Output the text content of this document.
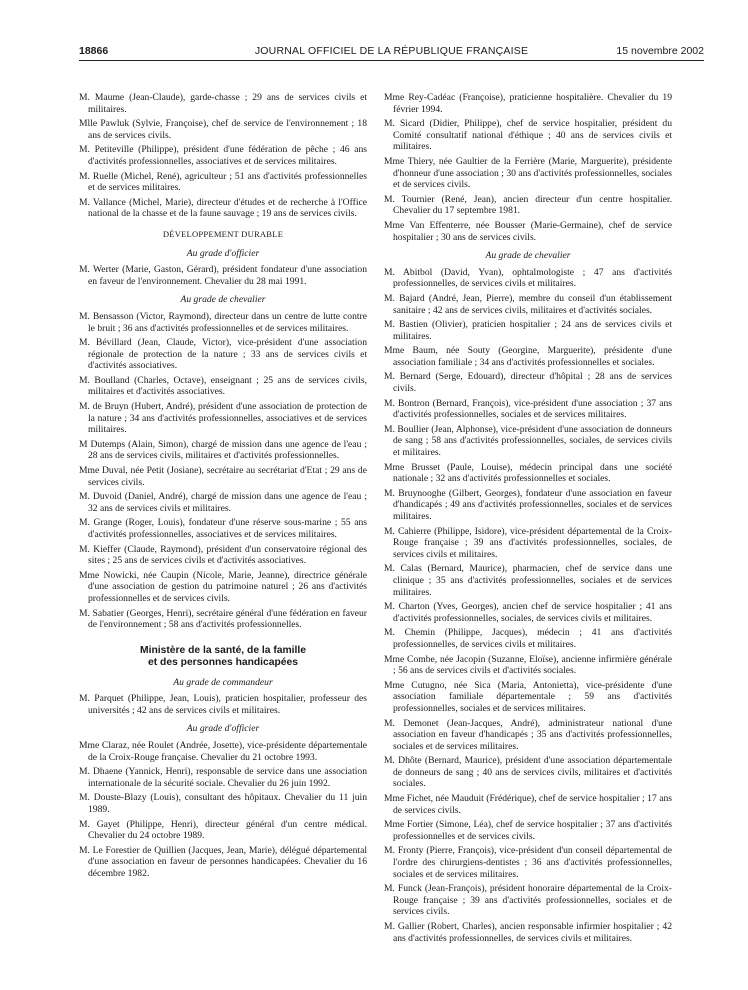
18866	JOURNAL OFFICIEL DE LA RÉPUBLIQUE FRANÇAISE	15 novembre 2002

M. Maume (Jean-Claude), garde-chasse ; 29 ans de services civils et militaires.

Mlle Pawluk (Sylvie, Françoise), chef de service de l'environnement ; 18 ans de services civils.

M. Petiteville (Philippe), président d'une fédération de pêche ; 46 ans d'activités professionnelles, associatives et de services militaires.

M. Ruelle (Michel, René), agriculteur ; 51 ans d'activités professionnelles et de services militaires.

M. Vallance (Michel, Marie), directeur d'études et de recherche à l'Office national de la chasse et de la faune sauvage ; 19 ans de services civils.

DÉVELOPPEMENT DURABLE
Au grade d'officier

M. Werter (Marie, Gaston, Gérard), président fondateur d'une association en faveur de l'environnement. Chevalier du 28 mai 1991.

Au grade de chevalier

M. Bensasson (Victor, Raymond), directeur dans un centre de lutte contre le bruit ; 36 ans d'activités professionnelles et de services militaires.

M. Bévillard (Jean, Claude, Victor), vice-président d'une association régionale de protection de la nature ; 33 ans de services civils et d'activités associatives.

M. Boulland (Charles, Octave), enseignant ; 25 ans de services civils, militaires et d'activités associatives.

M. de Bruyn (Hubert, André), président d'une association de protection de la nature ; 34 ans d'activités professionnelles, associatives et de services militaires.

M Dutemps (Alain, Simon), chargé de mission dans une agence de l'eau ; 28 ans de services civils, militaires et d'activités professionnelles.

Mme Duval, née Petit (Josiane), secrétaire au secrétariat d'Etat ; 29 ans de services civils.

M. Duvoid (Daniel, André), chargé de mission dans une agence de l'eau ; 32 ans de services civils et militaires.

M. Grange (Roger, Louis), fondateur d'une réserve sous-marine ; 55 ans d'activités professionnelles, associatives et de services militaires.

M. Kieffer (Claude, Raymond), président d'un conservatoire régional des sites ; 25 ans de services civils et d'activités associatives.

Mme Nowicki, née Caupin (Nicole, Marie, Jeanne), directrice générale d'une association de gestion du patrimoine naturel ; 26 ans d'activités professionnelles et de services civils.

M. Sabatier (Georges, Henri), secrétaire général d'une fédération en faveur de l'environnement ; 58 ans d'activités professionnelles.

Ministère de la santé, de la famille
et des personnes handicapées
Au grade de commandeur

M. Parquet (Philippe, Jean, Louis), praticien hospitalier, professeur des universités ; 42 ans de services civils et militaires.

Au grade d'officier

Mme Claraz, née Roulet (Andrée, Josette), vice-présidente départementale de la Croix-Rouge française. Chevalier du 21 octobre 1993.

M. Dhaene (Yannick, Henri), responsable de service dans une association internationale de la sécurité sociale. Chevalier du 26 juin 1992.

M. Douste-Blazy (Louis), consultant des hôpitaux. Chevalier du 11 juin 1989.

M. Gayet (Philippe, Henri), directeur général d'un centre médical. Chevalier du 24 octobre 1989.

M. Le Forestier de Quillien (Jacques, Jean, Marie), délégué départemental d'une association en faveur de personnes handicapées. Chevalier du 16 décembre 1982.

Mme Rey-Cadéac (Françoise), praticienne hospitalière. Chevalier du 19 février 1994.

M. Sicard (Didier, Philippe), chef de service hospitalier, président du Comité consultatif national d'éthique ; 40 ans de services civils et militaires.

Mme Thiery, née Gaultier de la Ferrière (Marie, Marguerite), présidente d'honneur d'une association ; 30 ans d'activités professionnelles, sociales et de services civils.

M. Tournier (René, Jean), ancien directeur d'un centre hospitalier. Chevalier du 17 septembre 1981.

Mme Van Effenterre, née Bousser (Marie-Germaine), chef de service hospitalier ; 30 ans de services civils.

Au grade de chevalier

M. Abitbol (David, Yvan), ophtalmologiste ; 47 ans d'activités professionnelles, de services civils et militaires.

M. Bajard (André, Jean, Pierre), membre du conseil d'un établissement sanitaire ; 42 ans de services civils, militaires et d'activités sociales.

M. Bastien (Olivier), praticien hospitalier ; 24 ans de services civils et militaires.

Mme Baum, née Souty (Georgine, Marguerite), présidente d'une association familiale ; 34 ans d'activités professionnelles et sociales.

M. Bernard (Serge, Edouard), directeur d'hôpital ; 28 ans de services civils.

M. Bontron (Bernard, François), vice-président d'une association ; 37 ans d'activités professionnelles, sociales et de services militaires.

M. Boullier (Jean, Alphonse), vice-président d'une association de donneurs de sang ; 58 ans d'activités professionnelles, sociales, de services civils et militaires.

Mme Brusset (Paule, Louise), médecin principal dans une société nationale ; 32 ans d'activités professionnelles et sociales.

M. Bruynooghe (Gilbert, Georges), fondateur d'une association en faveur d'handicapés ; 49 ans d'activités professionnelles, sociales et de services militaires.

M. Cahierre (Philippe, Isidore), vice-président départemental de la Croix-Rouge française ; 39 ans d'activités professionnelles, sociales, de services civils et militaires.

M. Calas (Bernard, Maurice), pharmacien, chef de service dans une clinique ; 35 ans d'activités professionnelles, sociales et de services militaires.

M. Charton (Yves, Georges), ancien chef de service hospitalier ; 41 ans d'activités professionnelles, sociales, de services civils et militaires.

M. Chemin (Philippe, Jacques), médecin ; 41 ans d'activités professionnelles, de services civils et militaires.

Mme Combe, née Jacopin (Suzanne, Eloïse), ancienne infirmière générale ; 56 ans de services civils et d'activités sociales.

Mme Cutugno, née Sica (Maria, Antonietta), vice-présidente d'une association familiale départementale ; 59 ans d'activités professionnelles, sociales et de services militaires.

M. Demonet (Jean-Jacques, André), administrateur national d'une association en faveur d'handicapés ; 35 ans d'activités professionnelles, sociales et de services militaires.

M. Dhôte (Bernard, Maurice), président d'une association départementale de donneurs de sang ; 40 ans de services civils, militaires et d'activités sociales.

Mme Fichet, née Mauduit (Frédérique), chef de service hospitalier ; 17 ans de services civils.

Mme Fortier (Simone, Léa), chef de service hospitalier ; 37 ans d'activités professionnelles et de services civils.

M. Fronty (Pierre, François), vice-président d'un conseil départemental de l'ordre des chirurgiens-dentistes ; 36 ans d'activités professionnelles, sociales et de services militaires.

M. Funck (Jean-François), président honoraire départemental de la Croix-Rouge française ; 39 ans d'activités professionnelles, sociales et de services civils.

M. Gallier (Robert, Charles), ancien responsable infirmier hospitalier ; 42 ans d'activités professionnelles, de services civils et militaires.
